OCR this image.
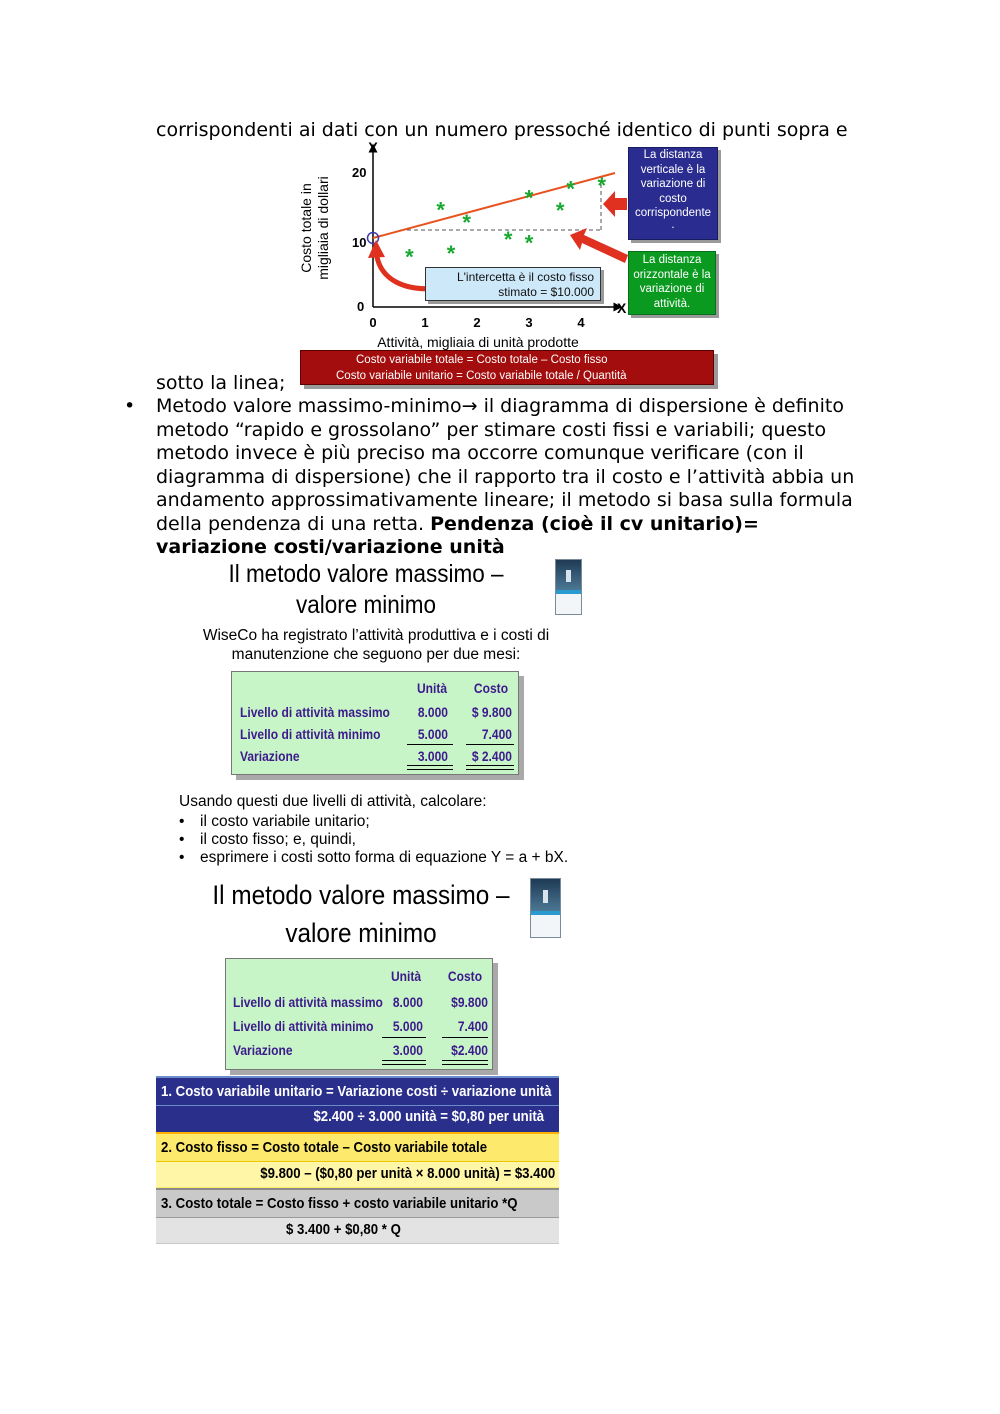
corrispondenti ai dati con un numero pressoché identico di punti sopra e
Y
X
20
10
0
0	1	2	3	4
Costo totale in migliaia di dollari
Attività, migliaia di unità prodotte
*
*
*
*
*
*
*
*
* *
La distanza
verticale è la
variazione di
costo
corrispondente
.
La distanza
orizzontale è la
variazione di
attività.
L'intercetta è il costo fisso
stimato = $10.000
Costo variabile totale = Costo totale – Costo fisso
Costo variabile unitario = Costo variabile totale / Quantità
sotto la linea;
• Metodo valore massimo-minimo→ il diagramma di dispersione è definito
metodo “rapido e grossolano” per stimare costi fissi e variabili; questo
metodo invece è più preciso ma occorre comunque verificare (con il
diagramma di dispersione) che il rapporto tra il costo e l’attività abbia un
andamento approssimativamente lineare; il metodo si basa sulla formula
della pendenza di una retta. Pendenza (cioè il cv unitario)=
variazione costi/variazione unità
Il metodo valore massimo –
valore minimo
WiseCo ha registrato l’attività produttiva e i costi di
manutenzione che seguono per due mesi:
Unità	Costo
Livello di attività massimo	8.000	$ 9.800
Livello di attività minimo	5.000	7.400
Variazione	3.000	$ 2.400
Usando questi due livelli di attività, calcolare:
• il costo variabile unitario;
• il costo fisso; e, quindi,
• esprimere i costi sotto forma di equazione Y = a + bX.
Il metodo valore massimo –
valore minimo
Unità	Costo
Livello di attività massimo 8.000	$9.800
Livello di attività minimo	5.000	7.400
Variazione	3.000	$2.400
1. Costo variabile unitario = Variazione costi ÷ variazione unità
$2.400 ÷ 3.000 unità = $0,80 per unità
2. Costo fisso = Costo totale – Costo variabile totale
$9.800 – ($0,80 per unità × 8.000 unità) = $3.400
3. Costo totale = Costo fisso + costo variabile unitario *Q
$ 3.400 + $0,80 * Q
